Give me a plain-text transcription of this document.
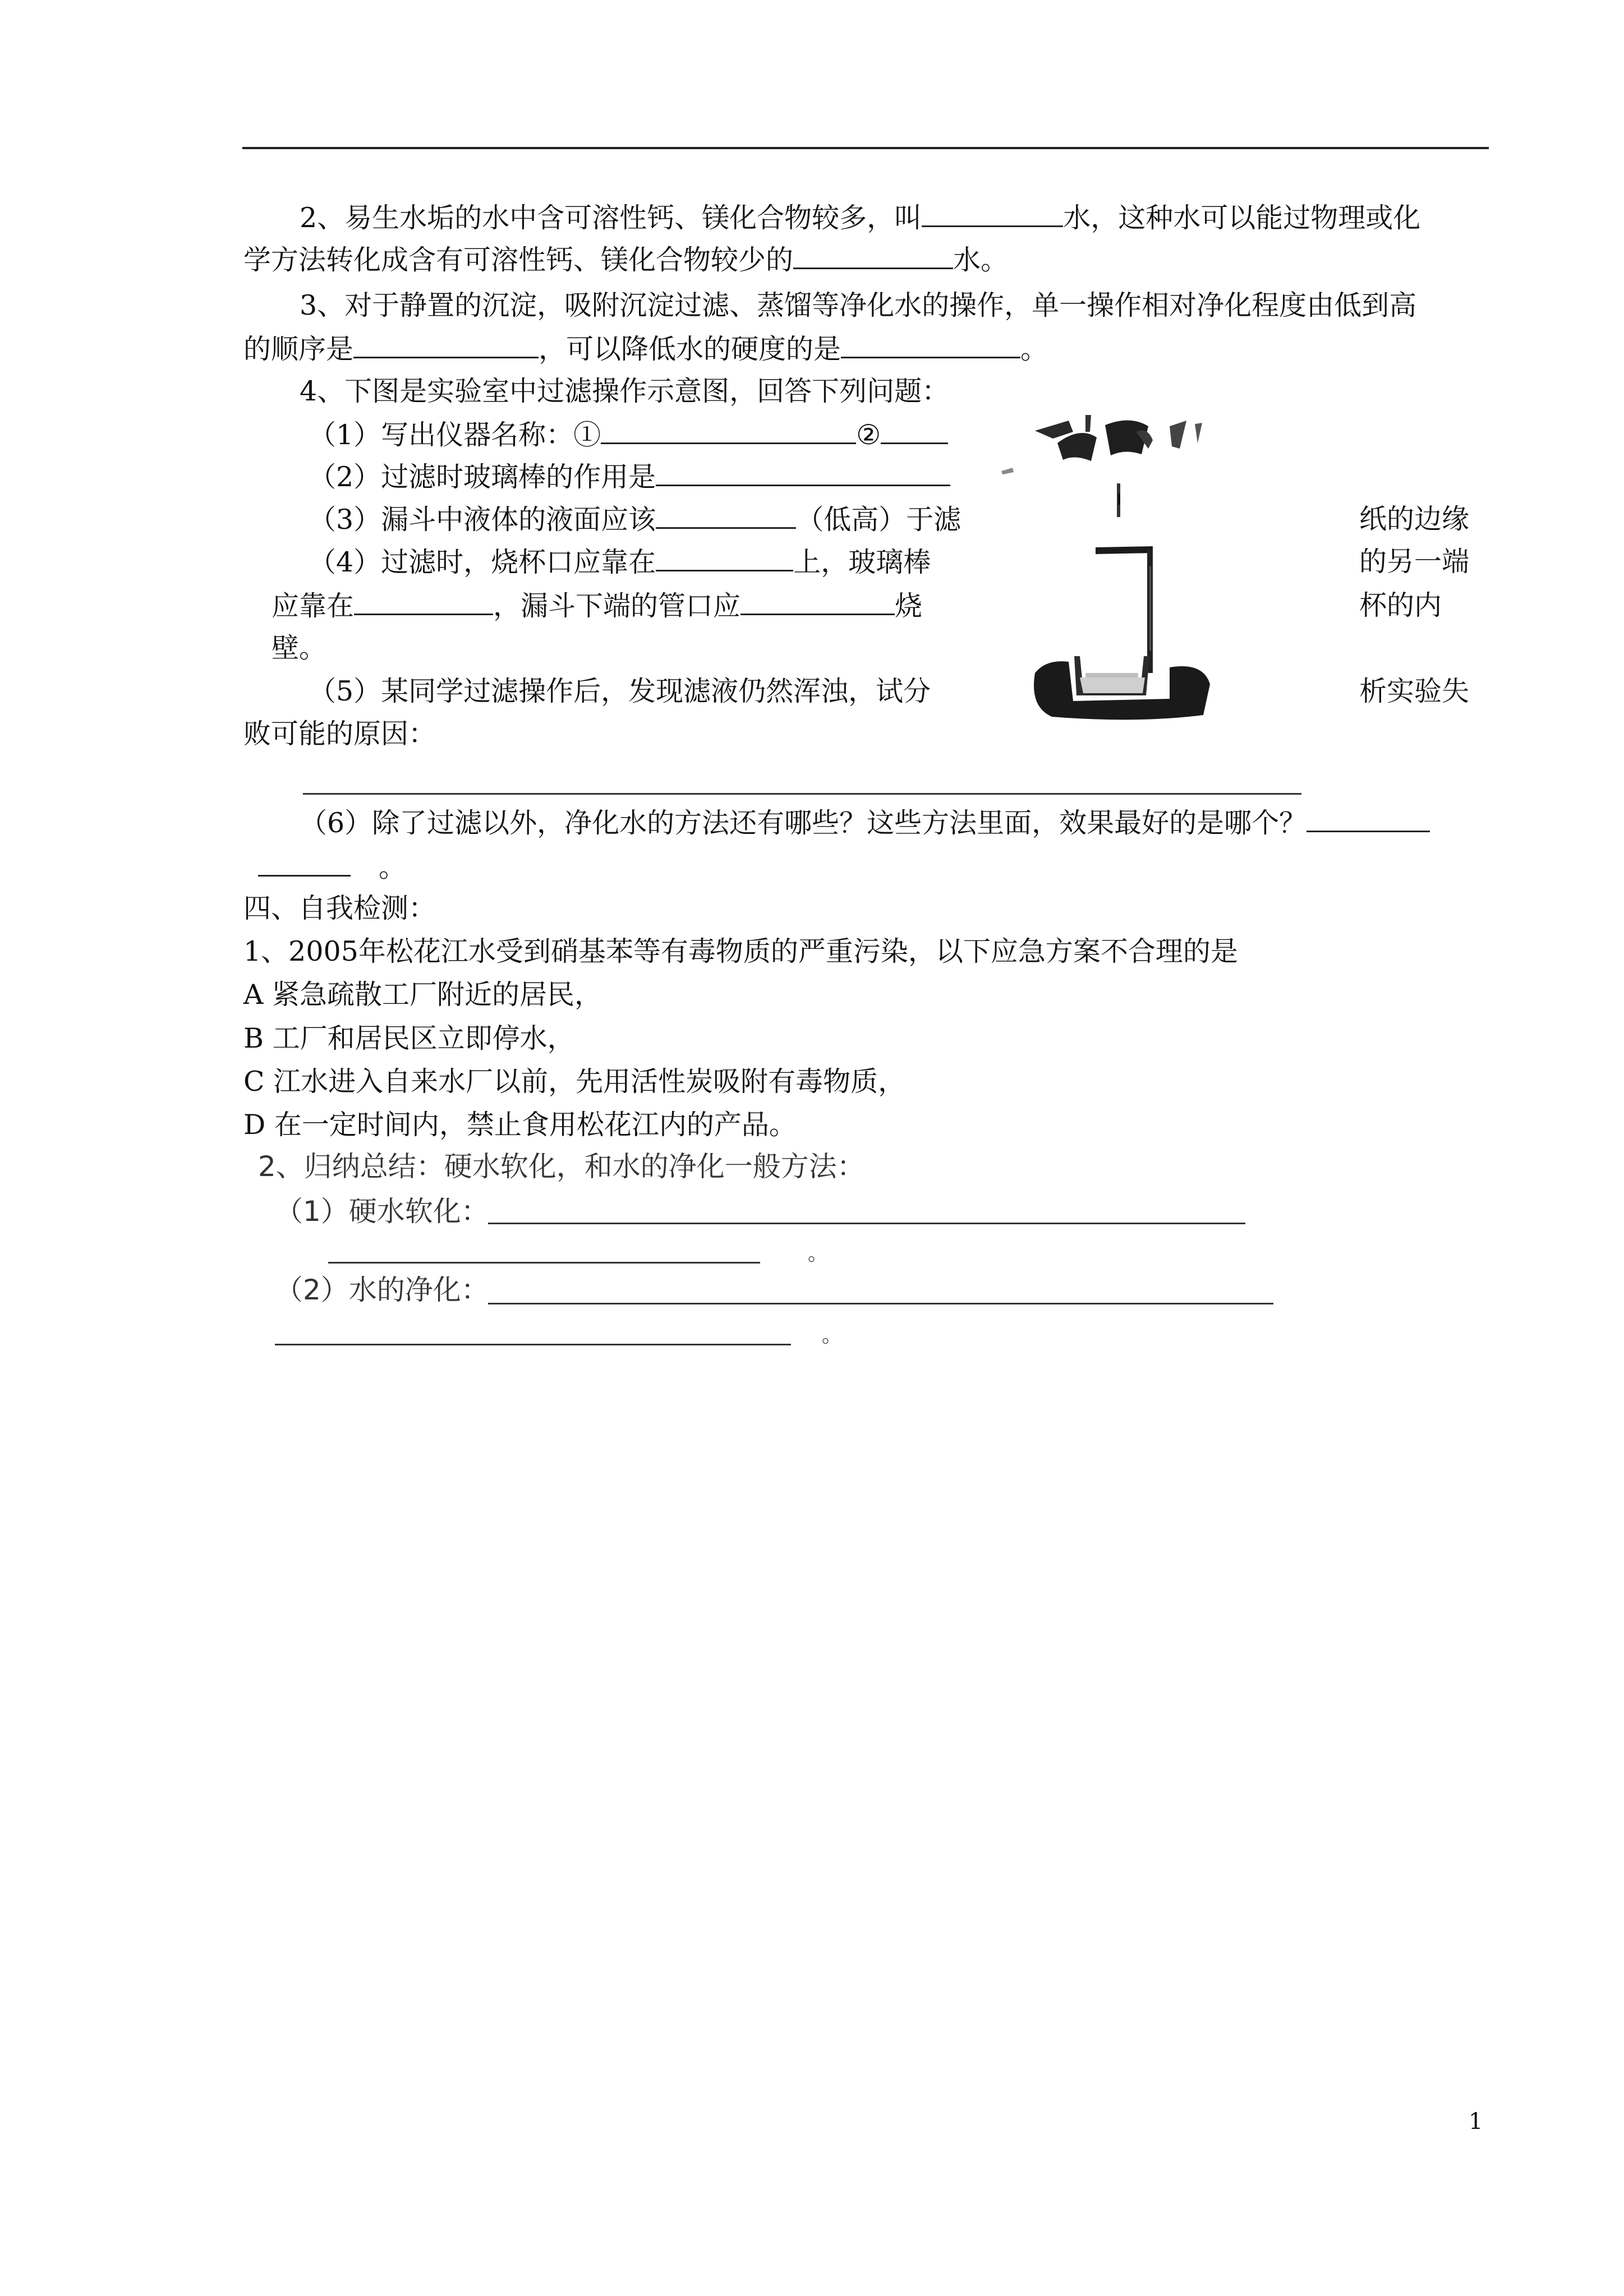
2、易生水垢的水中含可溶性钙、镁化合物较多，叫	水，这种水可以能过物理或化
学方法转化成含有可溶性钙、镁化合物较少的	水。
3、对于静置的沉淀，吸附沉淀过滤、蒸馏等净化水的操作，单一操作相对净化程度由低到高
的顺序是	，可以降低水的硬度的是	。
4、下图是实验室中过滤操作示意图，回答下列问题：
（1）写出仪器名称：①	②
（2）过滤时玻璃棒的作用是
（3）漏斗中液体的液面应该	（低高）于滤	纸的边缘
（4）过滤时，烧杯口应靠在	上，玻璃棒	的另一端
应靠在	，漏斗下端的管口应	烧	杯的内
壁。
（5）某同学过滤操作后，发现滤液仍然浑浊，试分	析实验失
败可能的原因：
（6）除了过滤以外，净化水的方法还有哪些？这些方法里面，效果最好的是哪个？
。
四、自我检测：
1、2005年松花江水受到硝基苯等有毒物质的严重污染，以下应急方案不合理的是
A 紧急疏散工厂附近的居民，
B 工厂和居民区立即停水，
C 江水进入自来水厂以前，先用活性炭吸附有毒物质，
D 在一定时间内，禁止食用松花江内的产品。
2、归纳总结：硬水软化，和水的净化一般方法：
（1）硬水软化：
。
（2）水的净化：
。
1
